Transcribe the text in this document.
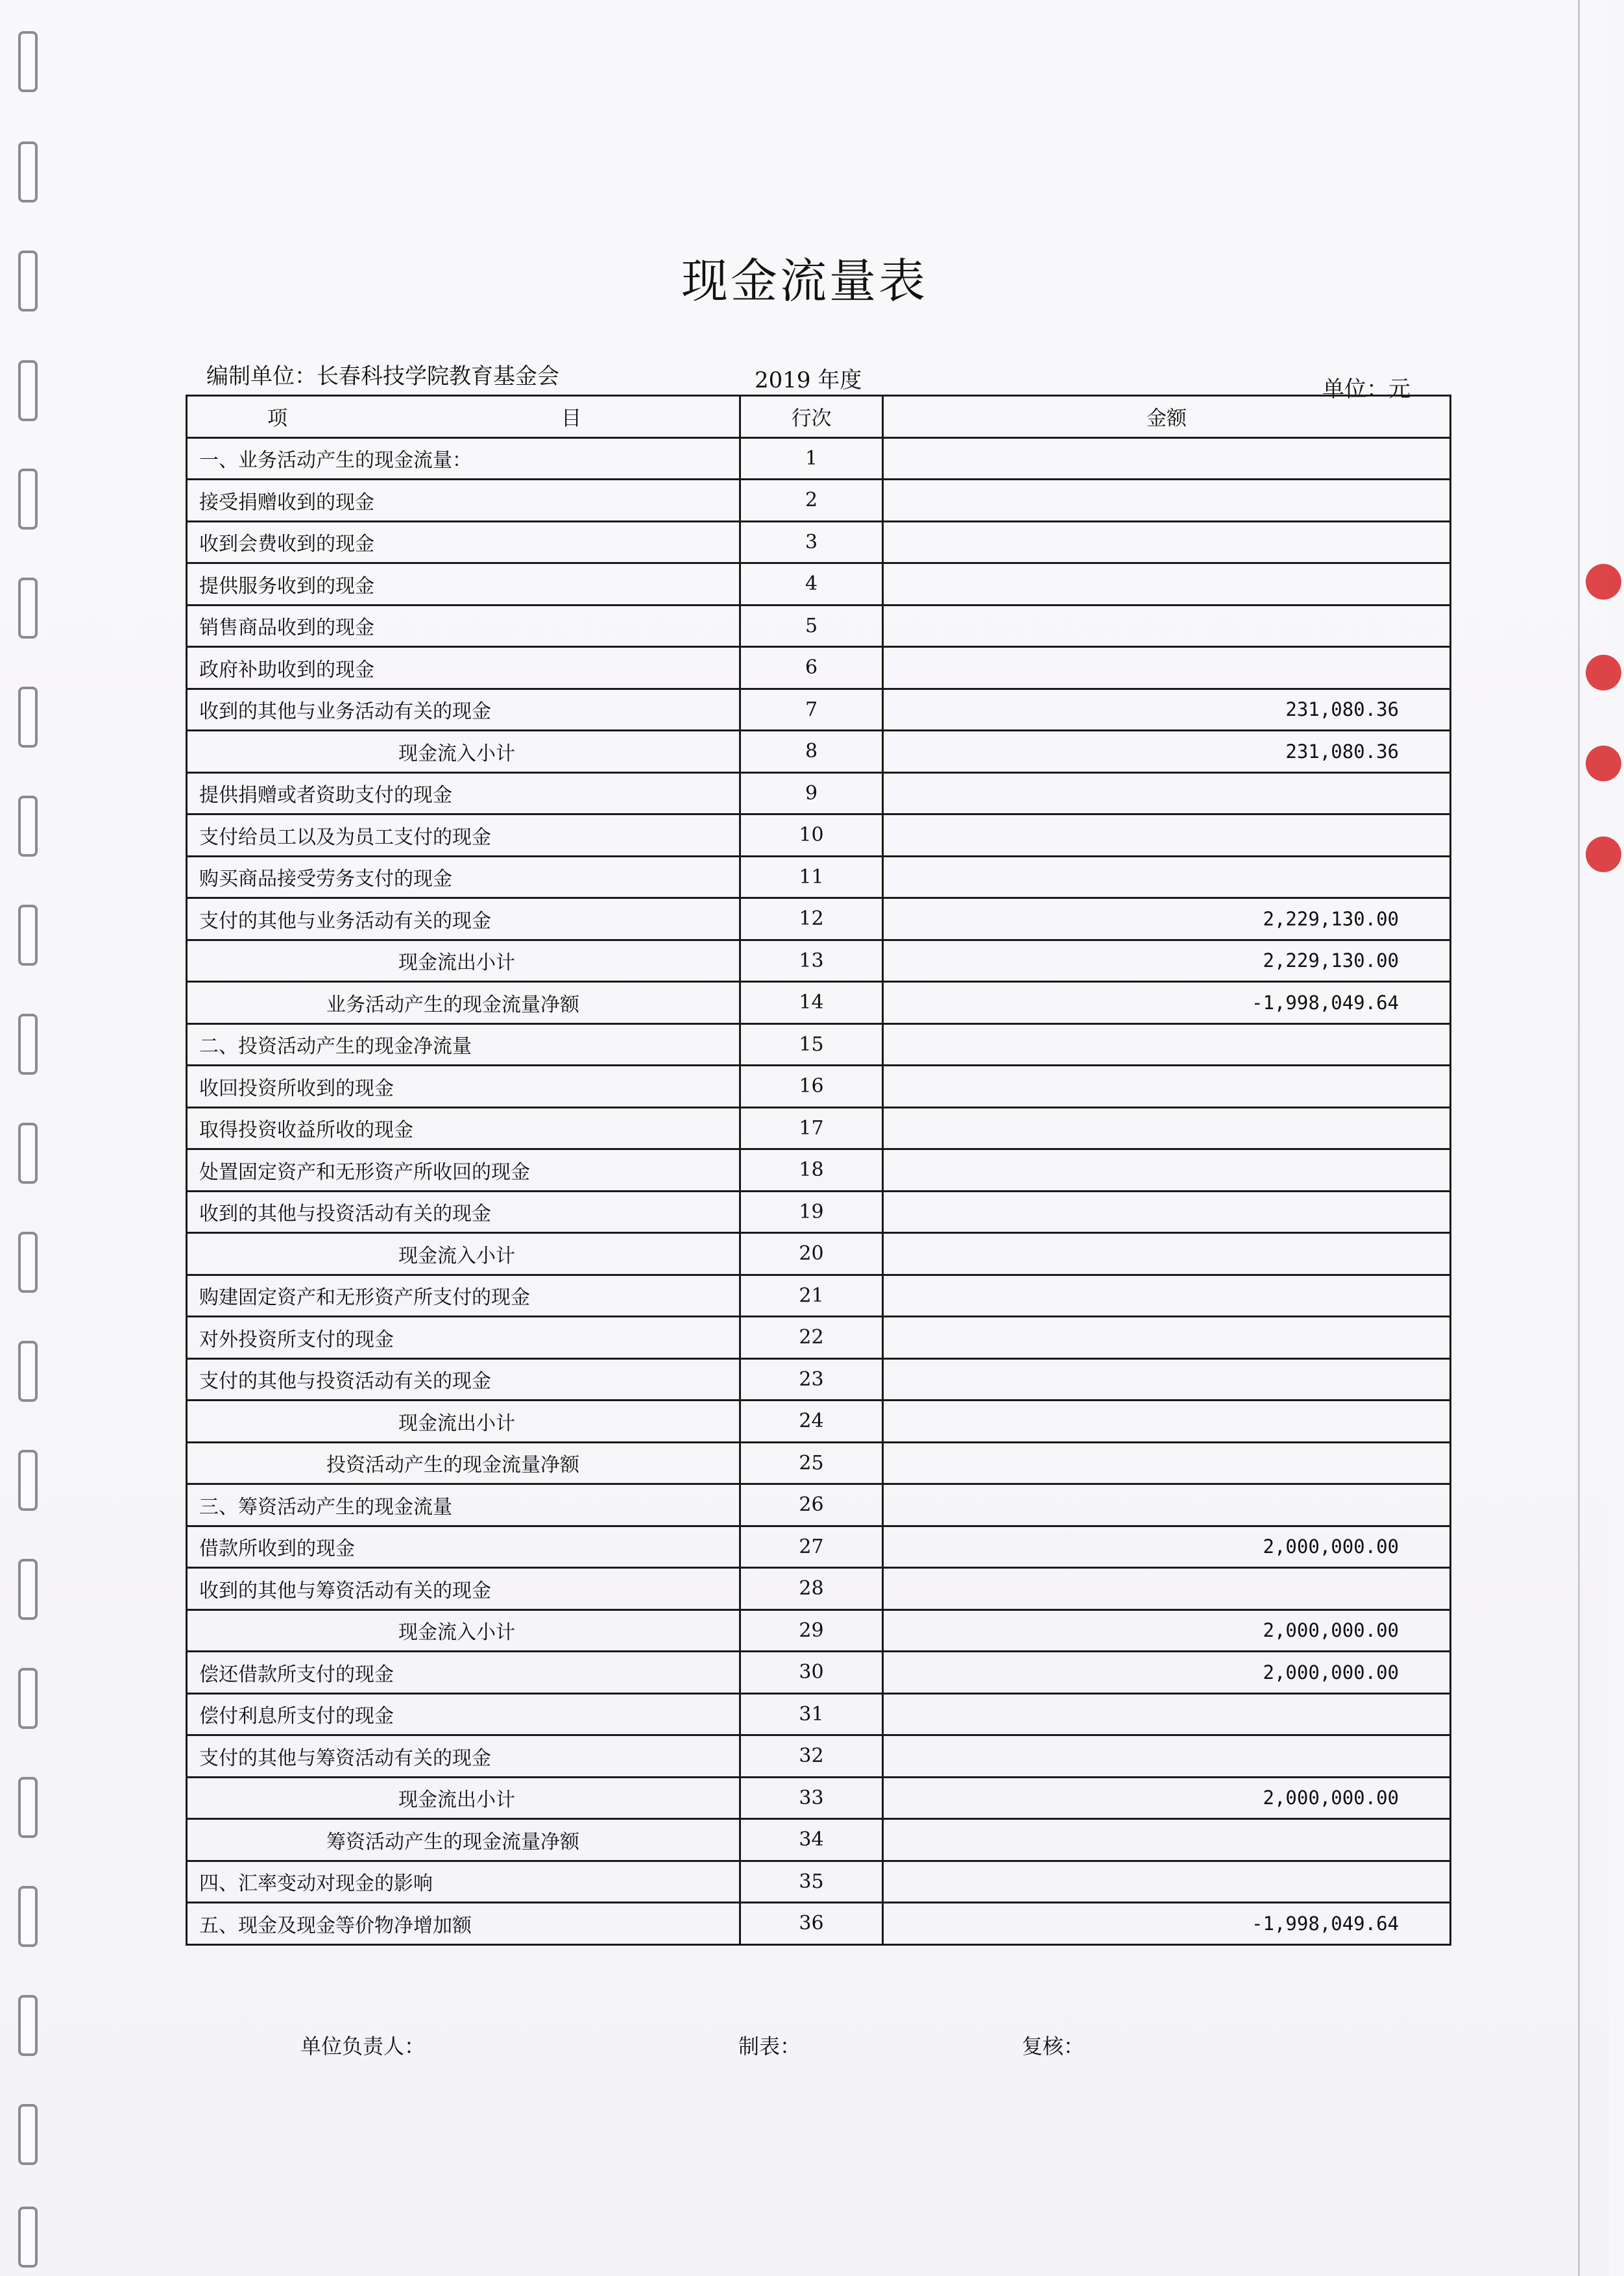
●
●
●
●
现金流量表
编制单位：长春科技学院教育基金会	2019 年度	单位：元
项　　目	行次	金额
一、业务活动产生的现金流量：	1	
接受捐赠收到的现金	2	
收到会费收到的现金	3	
提供服务收到的现金	4	
销售商品收到的现金	5	
政府补助收到的现金	6	
收到的其他与业务活动有关的现金	7	231,080.36
现金流入小计	8	231,080.36
提供捐赠或者资助支付的现金	9	
支付给员工以及为员工支付的现金	10	
购买商品接受劳务支付的现金	11	
支付的其他与业务活动有关的现金	12	2,229,130.00
现金流出小计	13	2,229,130.00
业务活动产生的现金流量净额	14	-1,998,049.64
二、投资活动产生的现金净流量	15	
收回投资所收到的现金	16	
取得投资收益所收的现金	17	
处置固定资产和无形资产所收回的现金	18	
收到的其他与投资活动有关的现金	19	
现金流入小计	20	
购建固定资产和无形资产所支付的现金	21	
对外投资所支付的现金	22	
支付的其他与投资活动有关的现金	23	
现金流出小计	24	
投资活动产生的现金流量净额	25	
三、筹资活动产生的现金流量	26	
借款所收到的现金	27	2,000,000.00
收到的其他与筹资活动有关的现金	28	
现金流入小计	29	2,000,000.00
偿还借款所支付的现金	30	2,000,000.00
偿付利息所支付的现金	31	
支付的其他与筹资活动有关的现金	32	
现金流出小计	33	2,000,000.00
筹资活动产生的现金流量净额	34	
四、汇率变动对现金的影响	35	
五、现金及现金等价物净增加额	36	-1,998,049.64
单位负责人：	制表：	复核：
